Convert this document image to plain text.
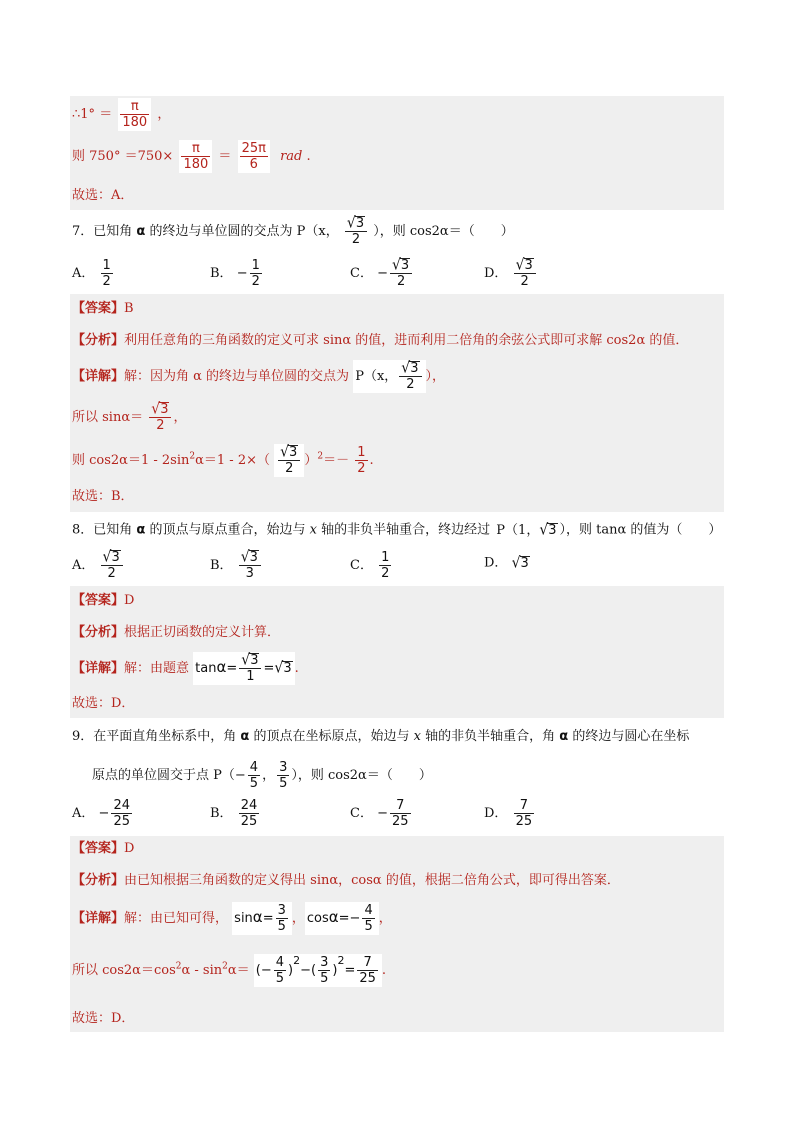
∴1° ＝ $\frac{\pi}{180}$ ，
则 $750^\circ =750\times \frac{\pi}{180} = \frac{25\pi}{6}$ rad .
故选：A．
7．已知角 α 的终边与单位圆的交点为 P（x， $\frac{√3}{2}$ ），则 cos2α＝（　　）
A． $\frac{1}{2}$	B． − $\frac{1}{2}$	C． − $\frac{√3}{2}$	D． $\frac{√3}{2}$
【答案】B
【分析】利用任意角的三角函数的定义可求 sinα 的值，进而利用二倍角的余弦公式即可求解 cos2α 的值．
【详解】解：因为角 α 的终边与单位圆的交点为 P（x， $\frac{√3}{2}$ ），
所以 $\sin\alpha= \frac{√3}{2}$ ，
则 $\cos 2\alpha=1 - 2\sin^2\alpha=1 - 2\times( \frac{√3}{2} )^2=- \frac{1}{2}$ .
故选：B．
8．已知角 α 的顶点与原点重合，始边与 x 轴的非负半轴重合，终边经过 P（1，√3 ），则 tanα 的值为（　　）
A． $\frac{√3}{2}$	B． $\frac{√3}{3}$	C． $\frac{1}{2}$	D． √3
【答案】D
【分析】根据正切函数的定义计算．
【详解】解：由题意 $\tan\alpha= \frac{√3}{1} =√3$ .
故选：D．
9．在平面直角坐标系中，角 α 的顶点在坐标原点，始边与 x 轴的非负半轴重合，角 α 的终边与圆心在坐标
原点的单位圆交于点 $P(- \frac{4}{5}$ ， $\frac{3}{5}$ ），则 cos2α＝（　　）
A． − $\frac{24}{25}$	B． $\frac{24}{25}$	C． − $\frac{7}{25}$	D． $\frac{7}{25}$
【答案】D
【分析】由已知根据三角函数的定义得出 sinα，cosα 的值，根据二倍角公式，即可得出答案．
【详解】解：由已知可得， $\sin\alpha= \frac{3}{5}$ ， $\cos\alpha=- \frac{4}{5}$ ，
所以 $\cos 2\alpha=\cos^2\alpha - \sin^2\alpha=$ (− $\frac{4}{5} )^2-( \frac{3}{5} )^2= \frac{7}{25}$ .
故选：D．
